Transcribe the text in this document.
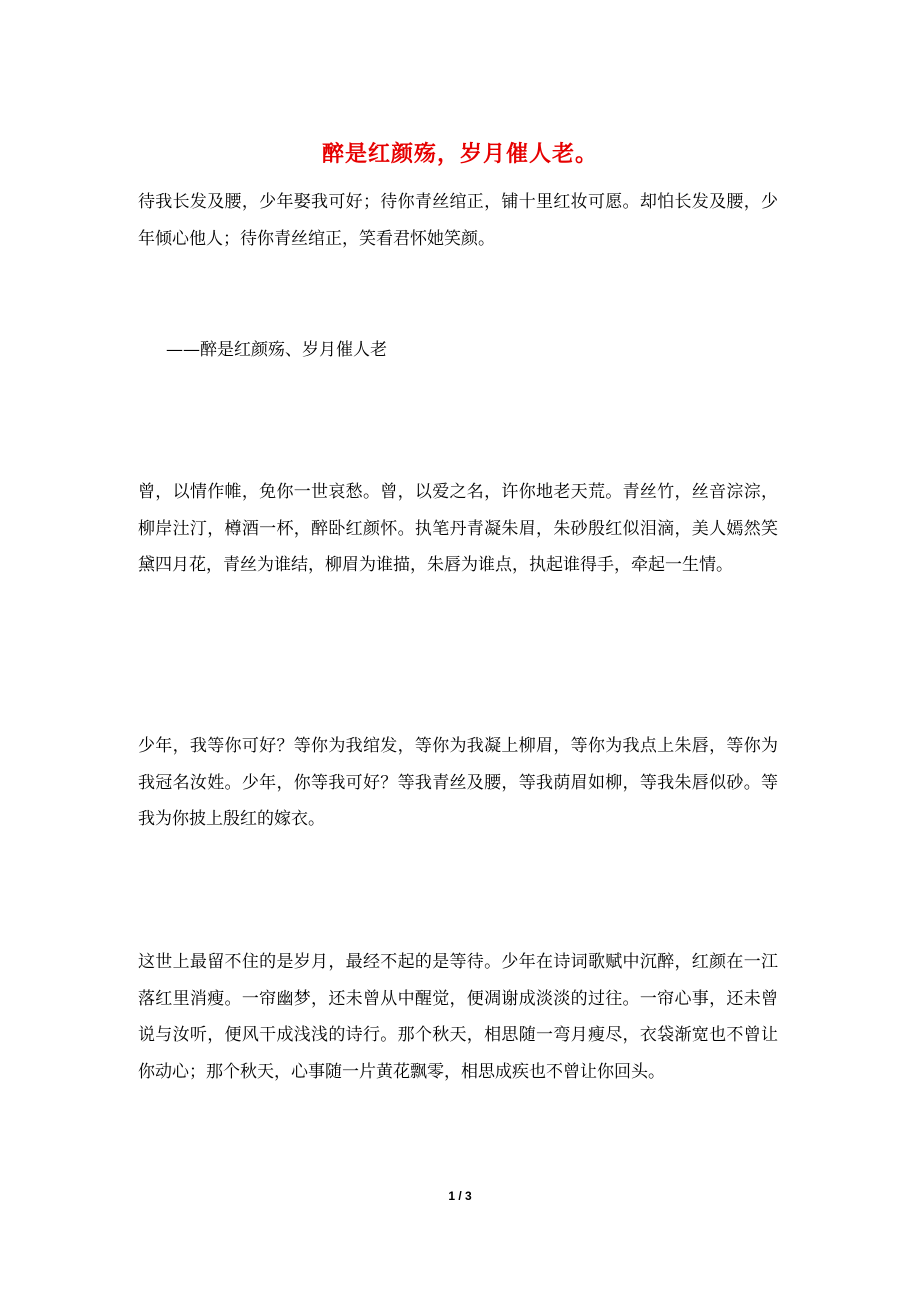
醉是红颜殇，岁月催人老。

待我长发及腰，少年娶我可好；待你青丝绾正，铺十里红妆可愿。却怕长发及腰，少年倾心他人；待你青丝绾正，笑看君怀她笑颜。

——醉是红颜殇、岁月催人老

曾，以情作帷，免你一世哀愁。曾，以爱之名，许你地老天荒。青丝竹，丝音淙淙，柳岸汢汀，樽酒一杯，醉卧红颜怀。执笔丹青凝朱眉，朱砂殷红似泪滴，美人嫣然笑黛四月花，青丝为谁结，柳眉为谁描，朱唇为谁点，执起谁得手，牵起一生情。

少年，我等你可好？等你为我绾发，等你为我凝上柳眉，等你为我点上朱唇，等你为我冠名汝姓。少年，你等我可好？等我青丝及腰，等我荫眉如柳，等我朱唇似砂。等我为你披上殷红的嫁衣。

这世上最留不住的是岁月，最经不起的是等待。少年在诗词歌赋中沉醉，红颜在一江落红里消瘦。一帘幽梦，还未曾从中醒觉，便凋谢成淡淡的过往。一帘心事，还未曾说与汝听，便风干成浅浅的诗行。那个秋天，相思随一弯月瘦尽，衣袋渐宽也不曾让你动心；那个秋天，心事随一片黄花飘零，相思成疾也不曾让你回头。

1 / 3
